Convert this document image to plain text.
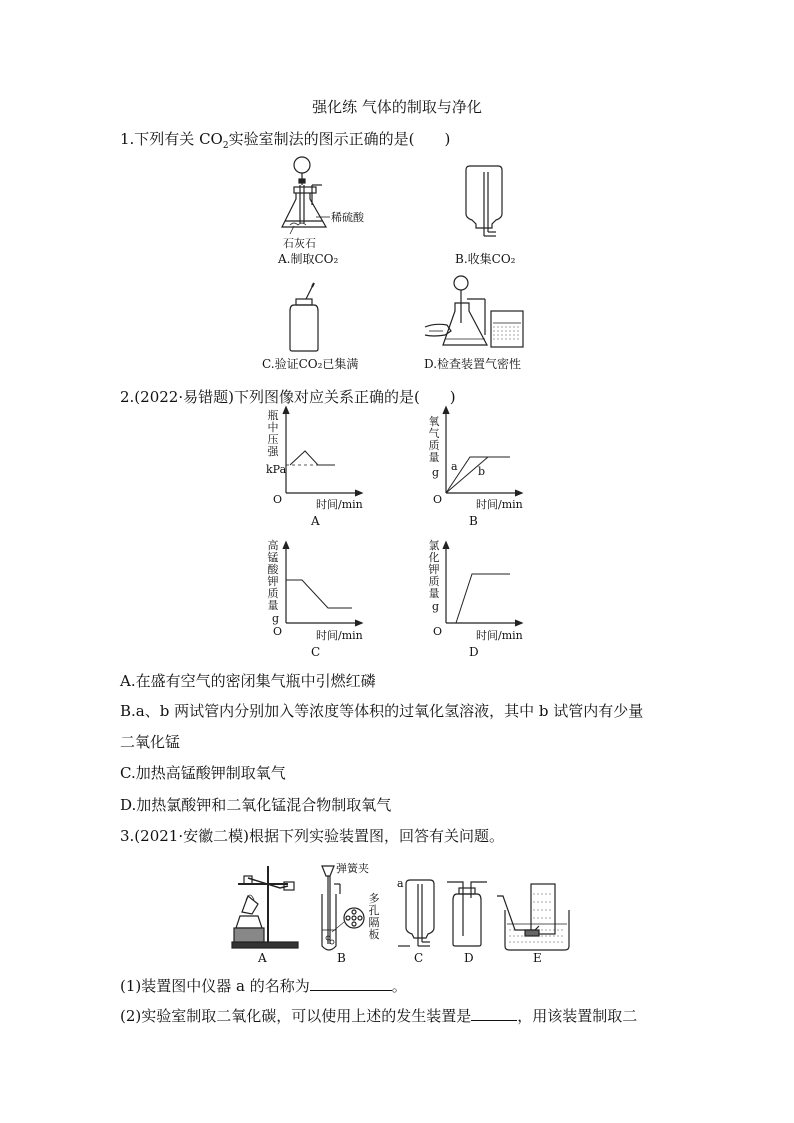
强化练 气体的制取与净化
1.下列有关 $CO_2$实验室制法的图示正确的是(　　)
稀硫酸
石灰石
A.制取CO₂	B.收集CO₂
C.验证CO₂已集满	D.检查装置气密性
2.(2022·易错题)下列图像对应关系正确的是(　　)
瓶中压强
kPa
O	时间/min
A
氧气质量
g a b
O	时间/min
B
高锰酸钾质量
g
O	时间/min
C
氯化钾质量
g
O	时间/min
D
A.在盛有空气的密闭集气瓶中引燃红磷
B.a、b 两试管内分别加入等浓度等体积的过氧化氢溶液，其中 b 试管内有少量
二氧化锰
C.加热高锰酸钾制取氧气
D.加热氯酸钾和二氧化锰混合物制取氧气
3.(2021·安徽二模)根据下列实验装置图，回答有关问题。
弹簧夹
多孔隔板
a
A	B	C	D	E
(1)装置图中仪器 a 的名称为	。
(2)实验室制取二氧化碳，可以使用上述的发生装置是	，用该装置制取二
